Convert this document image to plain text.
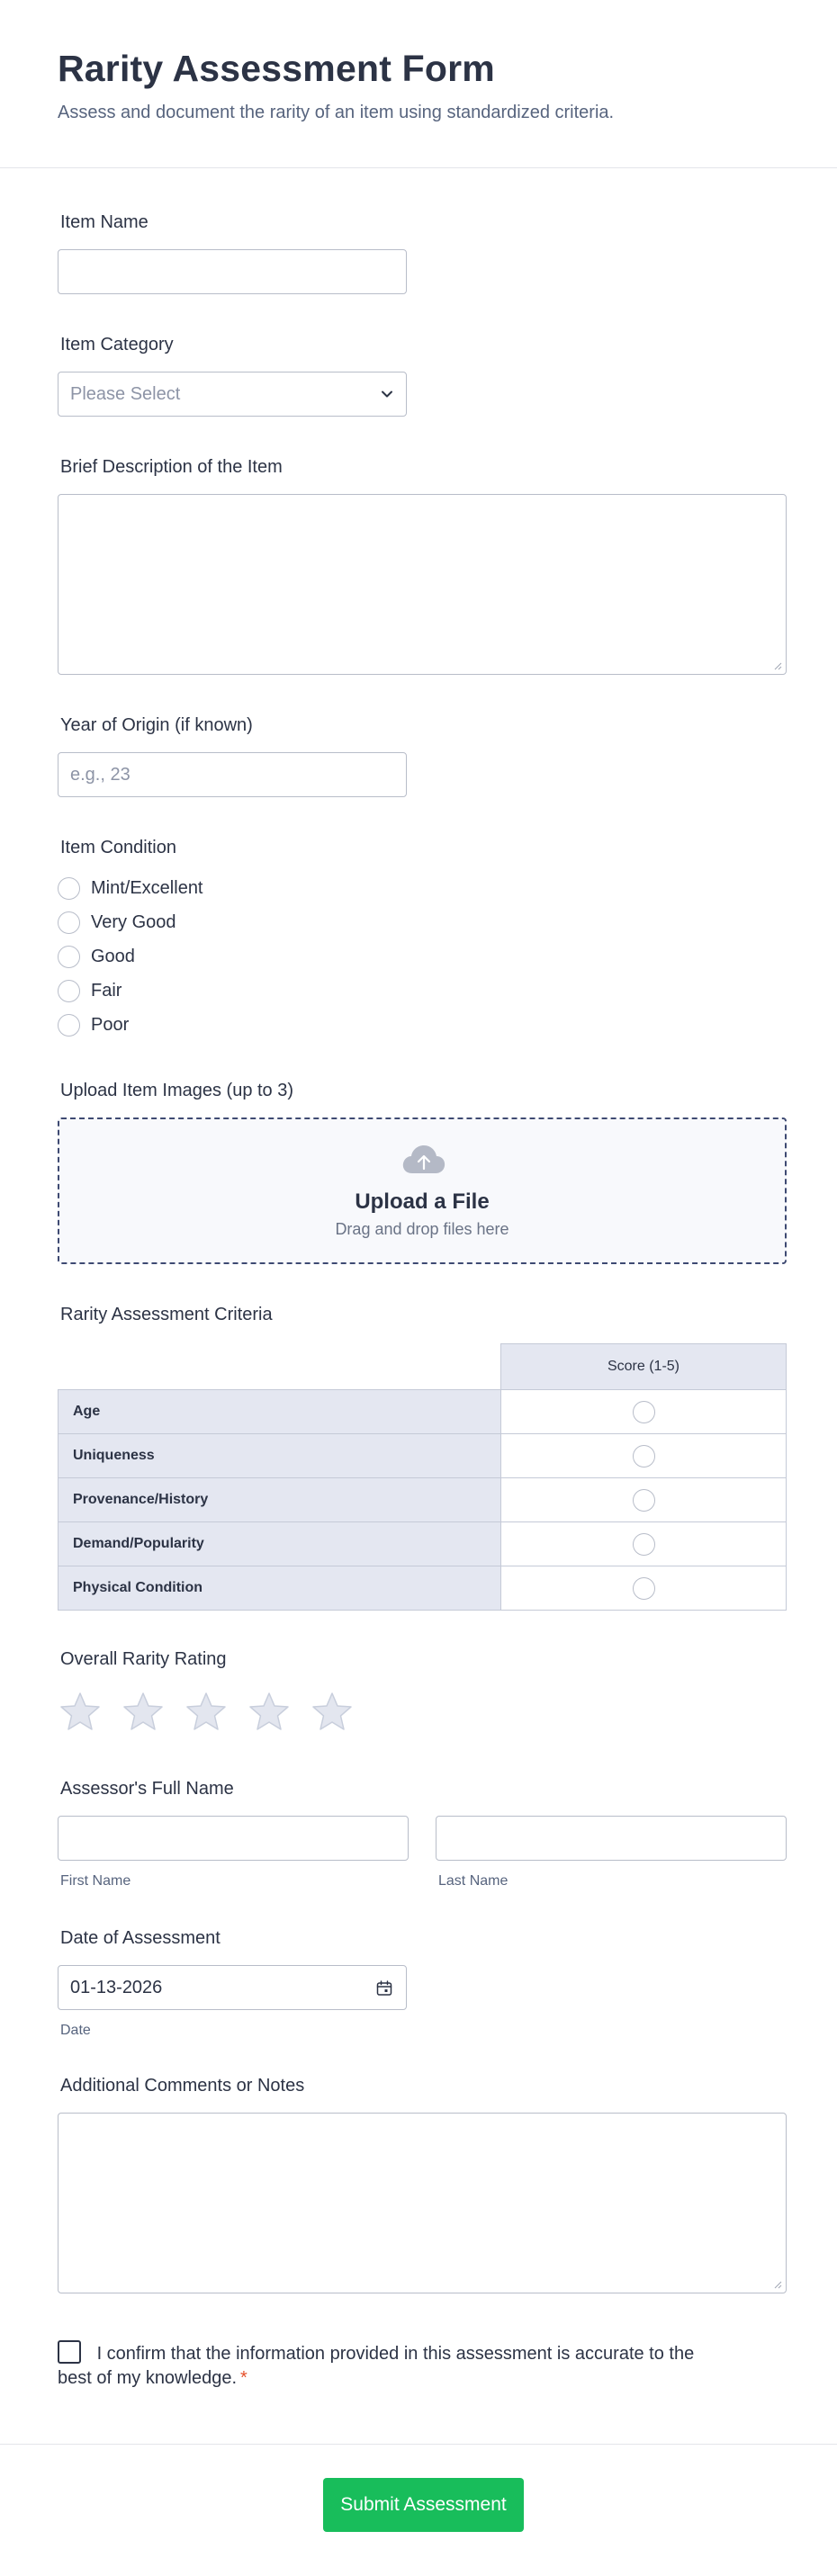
Rarity Assessment Form

Assess and document the rarity of an item using standardized criteria.

Item Name
Item Category
Please Select
Brief Description of the Item
Year of Origin (if known)
e.g., 23
Item Condition
Mint/Excellent
Very Good
Good
Fair
Poor
Upload Item Images (up to 3)
Upload a File
Drag and drop files here
Rarity Assessment Criteria
	Score (1-5)
Age	
Uniqueness	
Provenance/History	
Demand/Popularity	
Physical Condition	
Overall Rarity Rating
Assessor's Full Name
First Name	Last Name
Date of Assessment
01-13-2026
Date
Additional Comments or Notes

I confirm that the information provided in this assessment is accurate to the best of my knowledge. *

Submit Assessment
